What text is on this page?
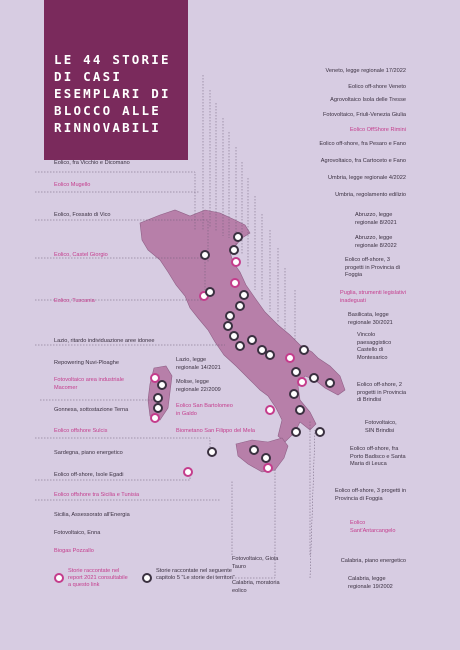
LE 44 STORIE
DI CASI
ESEMPLARI DI
BLOCCO ALLE
RINNOVABILI
Eolico, fra Vicchio e Dicomano
Eolico Mugello
Eolico, Fossato di Vico
Eolico, Castel Giorgio
Eolico, Tuscania
Lazio, ritardo individuazione aree idonee
Lazio, legge regionale 14/2021
Repowering Nuvi-Ploaghe
Molise, legge regionale 22/2009
Fotovoltaico area industriale Macomer
Eolico San Bartolomeo in Galdo
Gonnesa, sottostazione Terna
Eolico offshore Sulcis	Biometano San Filippo del Mela
Sardegna, piano energetico
Eolico off-shore, Isole Egadi
Eolico offshore tra Sicilia e Tunisia
Sicilia, Assessorato all'Energia
Fotovoltaico, Enna
Biogas Pozzallo
Fotovoltaico, Gioia Tauro
Calabria, moratoria eolico
Veneto, legge regionale 17/2022
Eolico off-shore Veneto
Agrovoltaico Isola delle Tresse
Fotovoltaico, Friuli-Venezia Giulia
Eolico OffShore Rimini
Eolico off-shore, fra Pesaro e Fano
Agrovoltaico, fra Cartoceto e Fano
Umbria, legge regionale 4/2022
Umbria, regolamento edilizio
Abruzzo, legge regionale 8/2021
Abruzzo, legge regionale 8/2022
Eolico off-shore, 3 progetti in Provincia di Foggia
Puglia, strumenti legislativi inadeguati
Basilicata, legge regionale 30/2021
Vincolo paesaggistico Castello di Montesarico
Eolico off-shore, 2 progetti in Provincia di Brindisi
Fotovoltaico, SIN Brindisi
Eolico off-shore, fra Porto Badisco e Santa Maria di Leuca
Eolico off-shore, 3 progetti in Provincia di Foggia
Eolico Sant'Antarcangelo
Calabria, piano energetico
Calabria, legge regionale 19/2002
Storie raccontate nel report 2021 consultabile a questo link
Storie raccontate nel seguente capitolo 5 “Le storie dei territori”
